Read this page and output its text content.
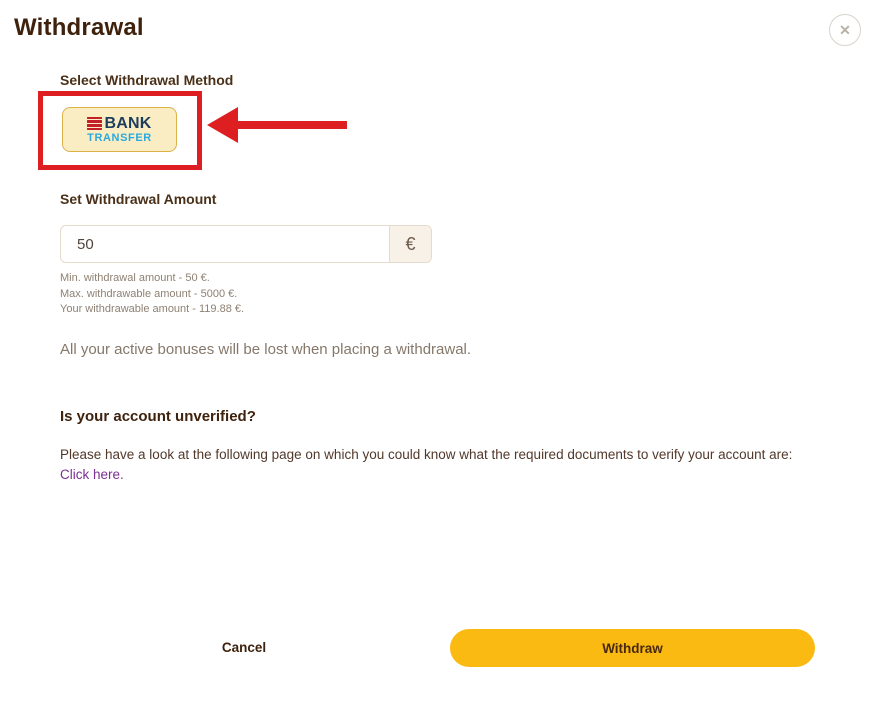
Withdrawal	✕
Select Withdrawal Method
BANK
TRANSFER
Set Withdrawal Amount
50
€
Min. withdrawal amount - 50 €.
Max. withdrawable amount - 5000 €.
Your withdrawable amount - 119.88 €.

All your active bonuses will be lost when placing a withdrawal.

Is your account unverified?

Please have a look at the following page on which you could know what the required documents to verify your account are: Click here.

Cancel	Withdraw
